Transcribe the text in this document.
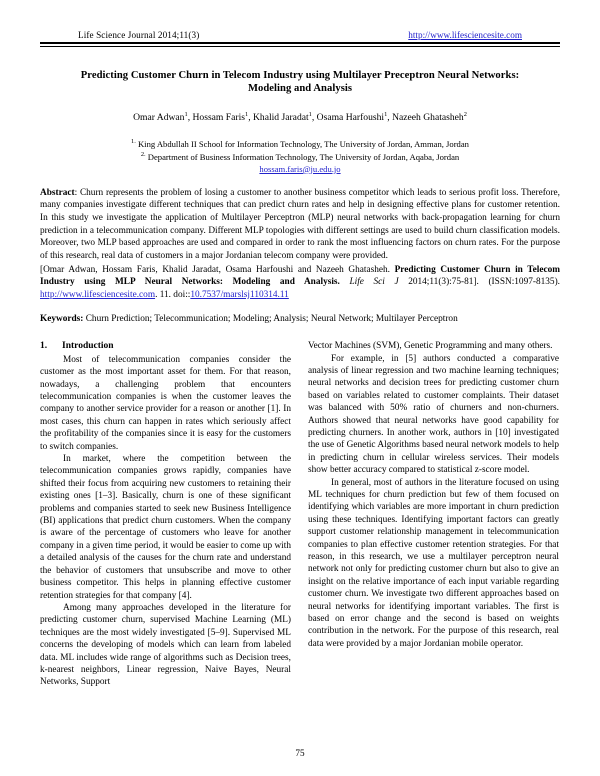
Life Science Journal 2014;11(3)	http://www.lifesciencesite.com
Predicting Customer Churn in Telecom Industry using Multilayer Preceptron Neural Networks: Modeling and Analysis
Omar Adwan$^1$, Hossam Faris$^1$, Khalid Jaradat$^1$, Osama Harfoushi$^1$, Nazeeh Ghatasheh$^2$
$^{1.}$ King Abdullah II School for Information Technology, The University of Jordan, Amman, Jordan
$^{2.}$ Department of Business Information Technology, The University of Jordan, Aqaba, Jordan
hossam.faris@ju.edu.jo
Abstract: Churn represents the problem of losing a customer to another business competitor which leads to serious profit loss. Therefore, many companies investigate different techniques that can predict churn rates and help in designing effective plans for customer retention. In this study we investigate the application of Multilayer Perceptron (MLP) neural networks with back-propagation learning for churn prediction in a telecommunication company. Different MLP topologies with different settings are used to build churn classification models. Moreover, two MLP based approaches are used and compared in order to rank the most influencing factors on churn rates. For the purpose of this research, real data of customers in a major Jordanian telecom company were provided.
[Omar Adwan, Hossam Faris, Khalid Jaradat, Osama Harfoushi and Nazeeh Ghatasheh. Predicting Customer Churn in Telecom Industry using MLP Neural Networks: Modeling and Analysis. Life Sci J 2014;11(3):75-81]. (ISSN:1097-8135). http://www.lifesciencesite.com. 11. doi::10.7537/marslsj110314.11
Keywords: Churn Prediction; Telecommunication; Modeling; Analysis; Neural Network; Multilayer Perceptron
1. Introduction

Most of telecommunication companies consider the customer as the most important asset for them. For that reason, nowadays, a challenging problem that encounters telecommunication companies is when the customer leaves the company to another service provider for a reason or another [1]. In most cases, this churn can happen in rates which seriously affect the profitability of the companies since it is easy for the customers to switch companies.

In market, where the competition between the telecommunication companies grows rapidly, companies have shifted their focus from acquiring new customers to retaining their existing ones [1–3]. Basically, churn is one of these significant problems and companies started to seek new Business Intelligence (BI) applications that predict churn customers. When the company is aware of the percentage of customers who leave for another company in a given time period, it would be easier to come up with a detailed analysis of the causes for the churn rate and understand the behavior of customers that unsubscribe and move to other business competitor. This helps in planning effective customer retention strategies for that company [4].

Among many approaches developed in the literature for predicting customer churn, supervised Machine Learning (ML) techniques are the most widely investigated [5–9]. Supervised ML concerns the developing of models which can learn from labeled data. ML includes wide range of algorithms such as Decision trees, k-nearest neighbors, Linear regression, Naive Bayes, Neural Networks, Support

Vector Machines (SVM), Genetic Programming and many others.

For example, in [5] authors conducted a comparative analysis of linear regression and two machine learning techniques; neural networks and decision trees for predicting customer churn based on variables related to customer complaints. Their dataset was balanced with 50% ratio of churners and non-churners. Authors showed that neural networks have good capability for predicting churners. In another work, authors in [10] investigated the use of Genetic Algorithms based neural network models to help in predicting churn in cellular wireless services. Their models show better accuracy compared to statistical z-score model.

In general, most of authors in the literature focused on using ML techniques for churn prediction but few of them focused on identifying which variables are more important in churn prediction using these techniques. Identifying important factors can greatly support customer relationship management in telecommunication companies to plan effective customer retention strategies. For that reason, in this research, we use a multilayer perceptron neural network not only for predicting customer churn but also to give an insight on the relative importance of each input variable regarding customer churn. We investigate two different approaches based on neural networks for identifying important variables. The first is based on error change and the second is based on weights contribution in the network. For the purpose of this research, real data were provided by a major Jordanian mobile operator.

75
